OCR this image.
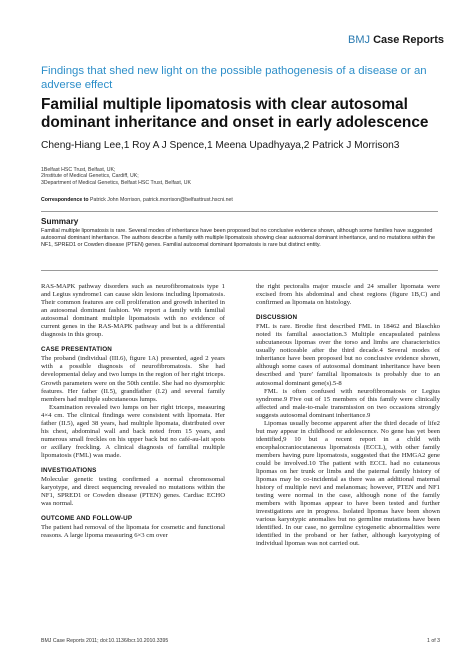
BMJ Case Reports
Findings that shed new light on the possible pathogenesis of a disease or an adverse effect
Familial multiple lipomatosis with clear autosomal dominant inheritance and onset in early adolescence
Cheng-Hiang Lee,1 Roy A J Spence,1 Meena Upadhyaya,2 Patrick J Morrison3
1Belfast HSC Trust, Belfast, UK;
2Institute of Medical Genetics, Cardiff, UK;
3Department of Medical Genetics, Belfast HSC Trust, Belfast, UK
Correspondence to Patrick John Morrison, patrick.morrison@belfasttrust.hscni.net
Summary
Familial multiple lipomatosis is rare. Several modes of inheritance have been proposed but no conclusive evidence shown, although some families have suggested autosomal dominant inheritance. The authors describe a family with multiple lipomatosis showing clear autosomal dominant inheritance, and no mutations within the NF1, SPRED1 or Cowden disease (PTEN) genes. Familial autosomal dominant lipomatosis is rare but distinct entity.

RAS-MAPK pathway disorders such as neurofibromatosis type 1 and Legius syndrome1 can cause skin lesions including lipomatosis. Their common features are cell proliferation and growth inherited in an autosomal dominant fashion. We report a family with familial autosomal dominant multiple lipomatosis with no evidence of current genes in the RAS-MAPK pathway and but is a differential diagnosis in this group.

CASE PRESENTATION

The proband (individual (III.6), figure 1A) presented, aged 2 years with a possible diagnosis of neurofibromatosis. She had developmental delay and two lumps in the region of her right triceps. Growth parameters were on the 50th centile. She had no dysmorphic features. Her father (II.5), grandfather (I.2) and several family members had multiple subcutaneous lumps.

Examination revealed two lumps on her right triceps, measuring 4×4 cm. The clinical findings were consistent with lipomata. Her father (II.5), aged 38 years, had multiple lipomata, distributed over his chest, abdominal wall and back noted from 15 years, and numerous small freckles on his upper back but no café-au-lait spots or axillary freckling. A clinical diagnosis of familial multiple lipomatosis (FML) was made.

INVESTIGATIONS

Molecular genetic testing confirmed a normal chromosomal karyotype, and direct sequencing revealed no mutations within the NF1, SPRED1 or Cowden disease (PTEN) genes. Cardiac ECHO was normal.

OUTCOME AND FOLLOW-UP

The patient had removal of the lipomata for cosmetic and functional reasons. A large lipoma measuring 6×3 cm over

the right pectoralis major muscle and 24 smaller lipomata were excised from his abdominal and chest regions (figure 1B,C) and confirmed as lipomata on histology.

DISCUSSION

FML is rare. Brodie first described FML in 18462 and Blaschko noted its familial association.3 Multiple encapsulated painless subcutaneous lipomas over the torso and limbs are characteristics usually noticeable after the third decade.4 Several modes of inheritance have been proposed but no conclusive evidence shown, although some cases of autosomal dominant inheritance have been described and 'pure' familial lipomatosis is probably due to an autosomal dominant gene(s).5-8

FML is often confused with neurofibromatosis or Legius syndrome.9 Five out of 15 members of this family were clinically affected and male-to-male transmission on two occasions strongly suggests autosomal dominant inheritance.9

Lipomas usually become apparent after the third decade of life2 but may appear in childhood or adolescence. No gene has yet been identified,9 10 but a recent report in a child with encephalocraniocutaneous lipomatosis (ECCL), with other family members having pure lipomatosis, suggested that the HMGA2 gene could be involved.10 The patient with ECCL had no cutaneous lipomas on her trunk or limbs and the paternal family history of lipomas may be co-incidental as there was an additional maternal history of multiple nevi and melanomas; however, PTEN and NF1 testing were normal in the case, although none of the family members with lipomas appear to have been tested and further investigations are in progress. Isolated lipomas have been shown various karyotypic anomalies but no germline mutations have been identified. In our case, no germline cytogenetic abnormalities were identified in the proband or her father, although karyotyping of individual lipomas was not carried out.

BMJ Case Reports 2011; doi:10.1136/bcr.10.2010.3395	1 of 3
